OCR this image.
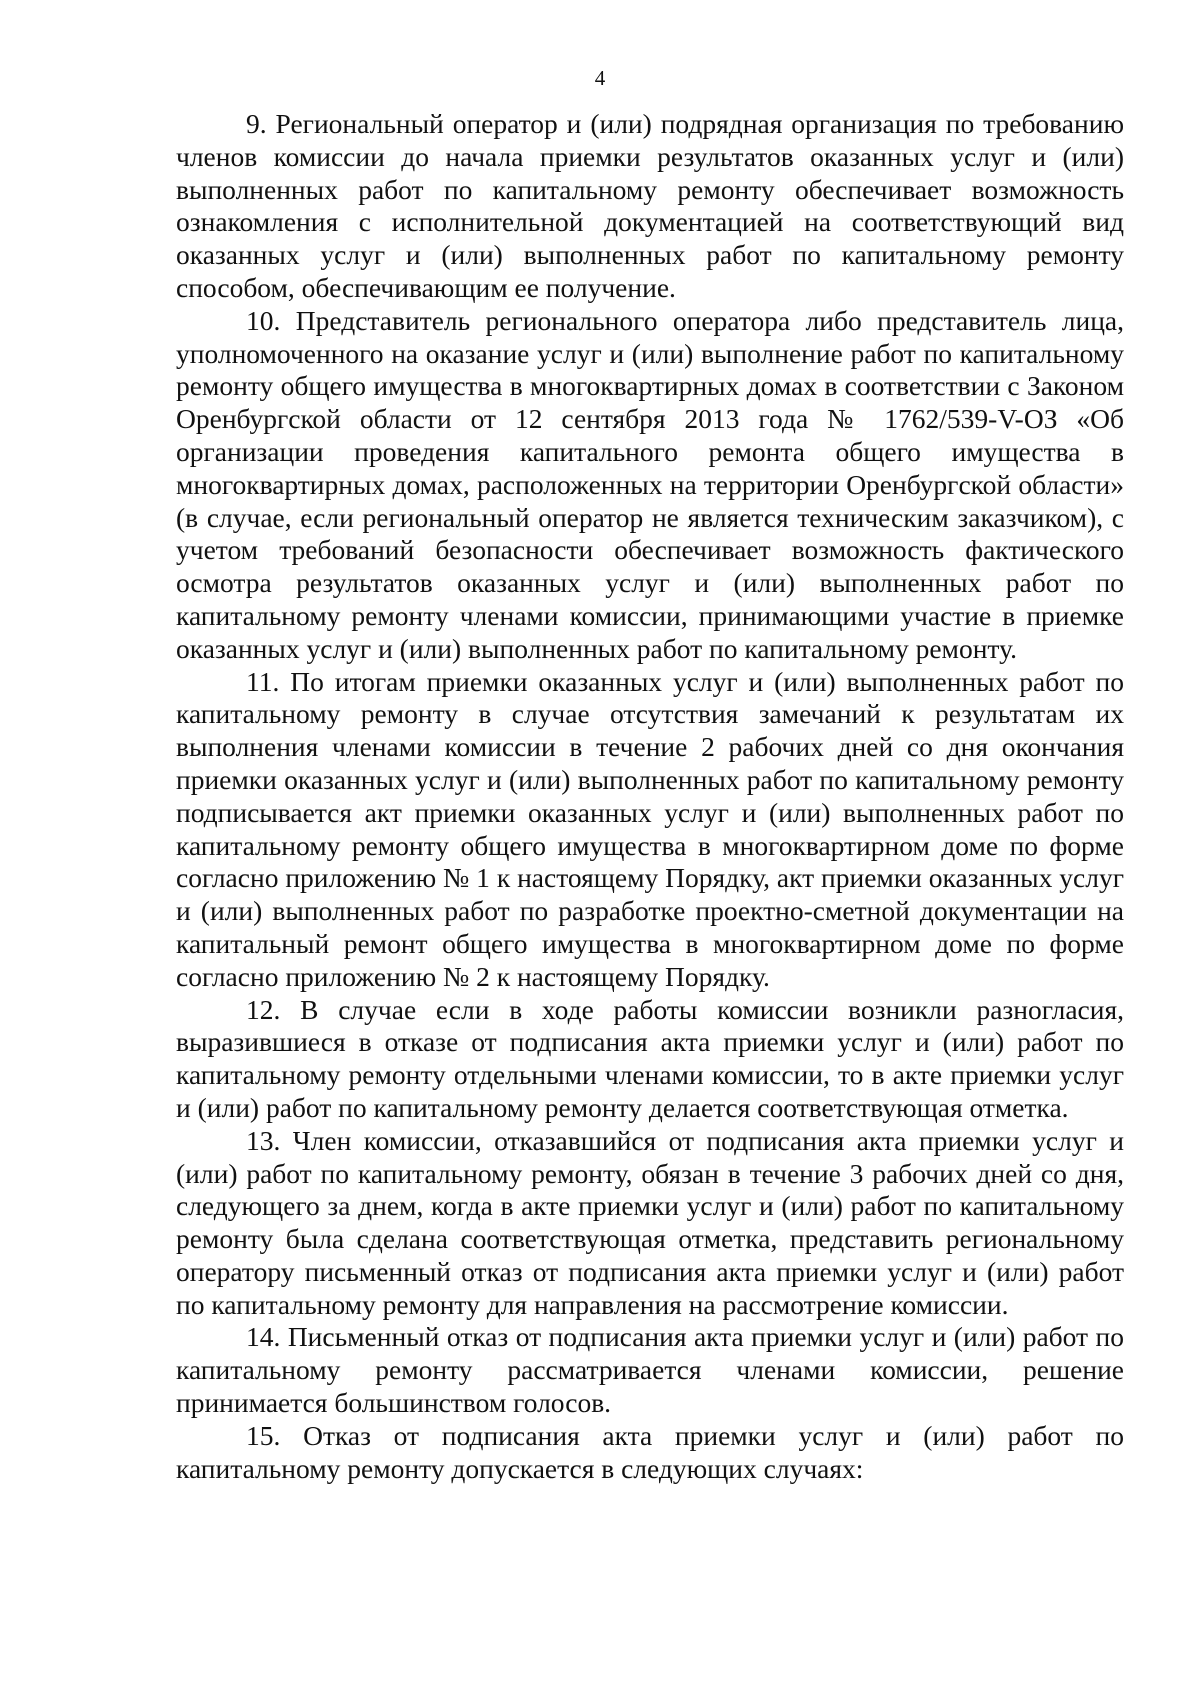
4

9. Региональный оператор и (или) подрядная организация по требованию членов комиссии до начала приемки результатов оказанных услуг и (или) выполненных работ по капитальному ремонту обеспечивает возможность ознакомления с исполнительной документацией на соответствующий вид оказанных услуг и (или) выполненных работ по капитальному ремонту способом, обеспечивающим ее получение.

10. Представитель регионального оператора либо представитель лица, уполномоченного на оказание услуг и (или) выполнение работ по капитальному ремонту общего имущества в многоквартирных домах в соответствии с Законом Оренбургской области от 12 сентября 2013 года № 1762/539-V-ОЗ «Об организации проведения капитального ремонта общего имущества в многоквартирных домах, расположенных на территории Оренбургской области» (в случае, если региональный оператор не является техническим заказчиком), с учетом требований безопасности обеспечивает возможность фактического осмотра результатов оказанных услуг и (или) выполненных работ по капитальному ремонту членами комиссии, принимающими участие в приемке оказанных услуг и (или) выполненных работ по капитальному ремонту.

11. По итогам приемки оказанных услуг и (или) выполненных работ по капитальному ремонту в случае отсутствия замечаний к результатам их выполнения членами комиссии в течение 2 рабочих дней со дня окончания приемки оказанных услуг и (или) выполненных работ по капитальному ремонту подписывается акт приемки оказанных услуг и (или) выполненных работ по капитальному ремонту общего имущества в многоквартирном доме по форме согласно приложению № 1 к настоящему Порядку, акт приемки оказанных услуг и (или) выполненных работ по разработке проектно-сметной документации на капитальный ремонт общего имущества в многоквартирном доме по форме согласно приложению № 2 к настоящему Порядку.

12. В случае если в ходе работы комиссии возникли разногласия, выразившиеся в отказе от подписания акта приемки услуг и (или) работ по капитальному ремонту отдельными членами комиссии, то в акте приемки услуг и (или) работ по капитальному ремонту делается соответствующая отметка.

13. Член комиссии, отказавшийся от подписания акта приемки услуг и (или) работ по капитальному ремонту, обязан в течение 3 рабочих дней со дня, следующего за днем, когда в акте приемки услуг и (или) работ по капитальному ремонту была сделана соответствующая отметка, представить региональному оператору письменный отказ от подписания акта приемки услуг и (или) работ по капитальному ремонту для направления на рассмотрение комиссии.

14. Письменный отказ от подписания акта приемки услуг и (или) работ по капитальному ремонту рассматривается членами комиссии, решение принимается большинством голосов.

15. Отказ от подписания акта приемки услуг и (или) работ по капитальному ремонту допускается в следующих случаях:
